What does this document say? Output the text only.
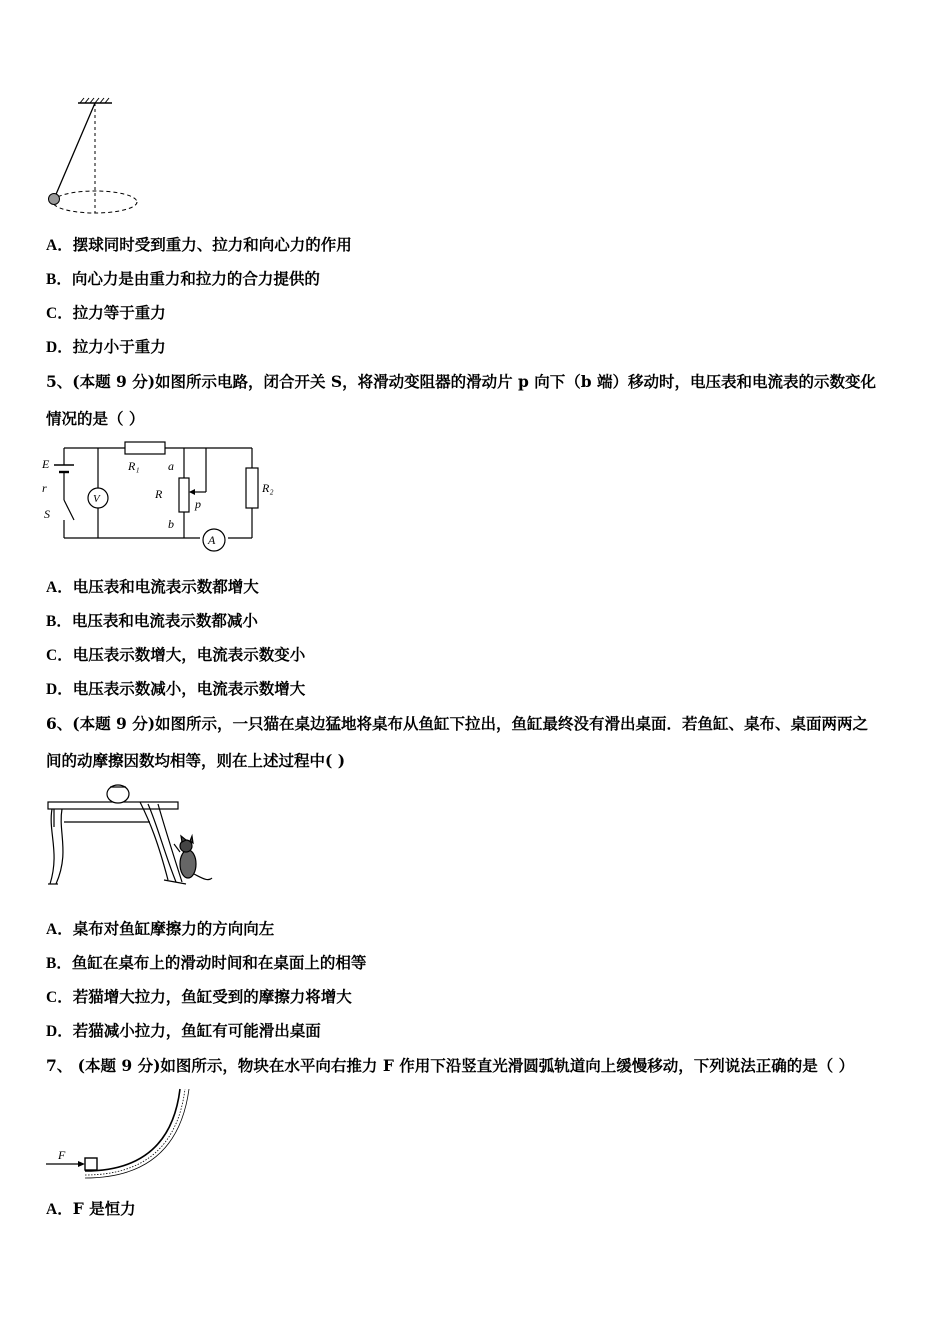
A．摆球同时受到重力、拉力和向心力的作用
B．向心力是由重力和拉力的合力提供的
C．拉力等于重力
D．拉力小于重力
5、(本题 9 分)如图所示电路，闭合开关 S，将滑动变阻器的滑动片 p 向下（b 端）移动时，电压表和电流表的示数变化
情况的是（ ）
E
r
S
R₁ a
R
p
b
R₂
A
V
A．电压表和电流表示数都增大
B．电压表和电流表示数都减小
C．电压表示数增大，电流表示数变小
D．电压表示数减小，电流表示数增大
6、(本题 9 分)如图所示，一只猫在桌边猛地将桌布从鱼缸下拉出，鱼缸最终没有滑出桌面．若鱼缸、桌布、桌面两两之
间的动摩擦因数均相等，则在上述过程中( )
A．桌布对鱼缸摩擦力的方向向左
B．鱼缸在桌布上的滑动时间和在桌面上的相等
C．若猫增大拉力，鱼缸受到的摩擦力将增大
D．若猫减小拉力，鱼缸有可能滑出桌面
7、 (本题 9 分)如图所示，物块在水平向右推力 F 作用下沿竖直光滑圆弧轨道向上缓慢移动，下列说法正确的是（ ）
F
A．F 是恒力
